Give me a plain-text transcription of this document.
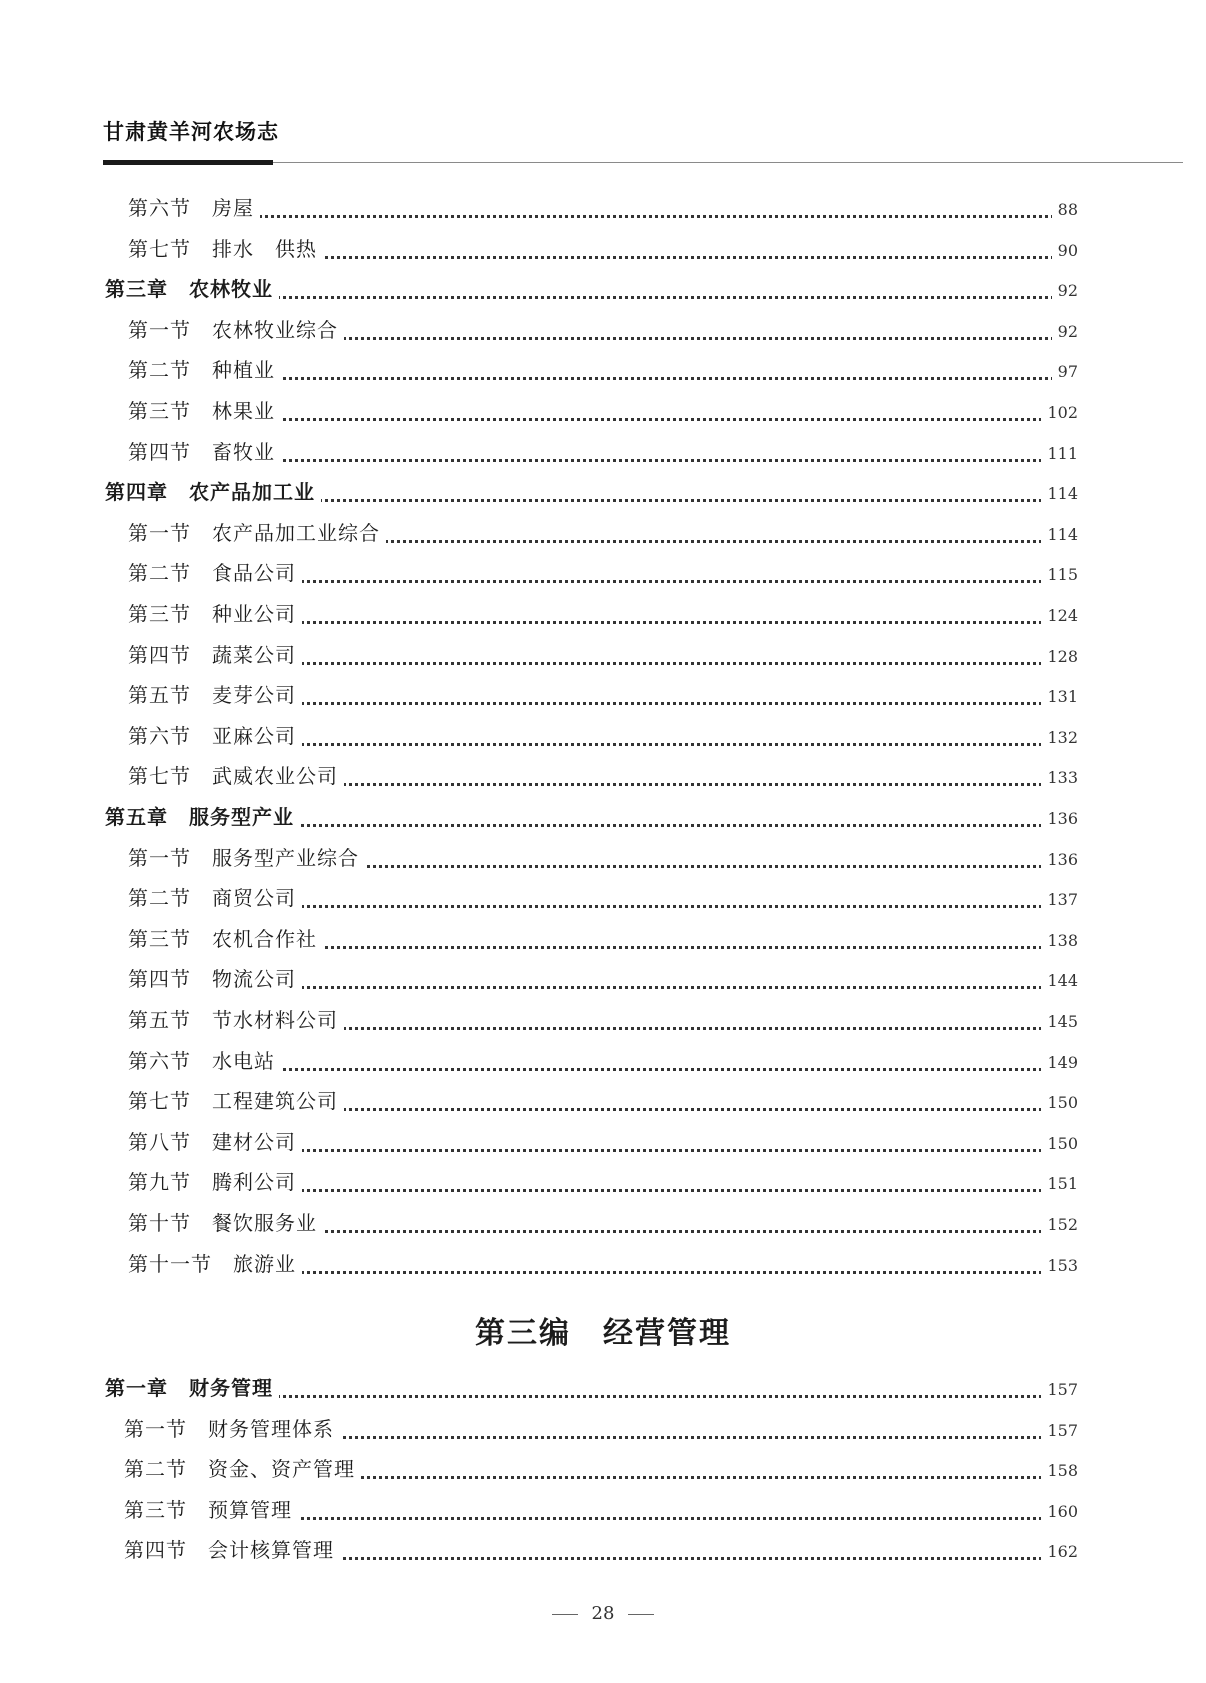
甘肃黄羊河农场志
第六节　房屋	88
第七节　排水　供热	90
第三章　农林牧业	92
第一节　农林牧业综合	92
第二节　种植业	97
第三节　林果业	102
第四节　畜牧业	111
第四章　农产品加工业	114
第一节　农产品加工业综合	114
第二节　食品公司	115
第三节　种业公司	124
第四节　蔬菜公司	128
第五节　麦芽公司	131
第六节　亚麻公司	132
第七节　武威农业公司	133
第五章　服务型产业	136
第一节　服务型产业综合	136
第二节　商贸公司	137
第三节　农机合作社	138
第四节　物流公司	144
第五节　节水材料公司	145
第六节　水电站	149
第七节　工程建筑公司	150
第八节　建材公司	150
第九节　腾利公司	151
第十节　餐饮服务业	152
第十一节　旅游业	153
第三编　经营管理
第一章　财务管理	157
第一节　财务管理体系	157
第二节　资金、资产管理	158
第三节　预算管理	160
第四节　会计核算管理	162
28
